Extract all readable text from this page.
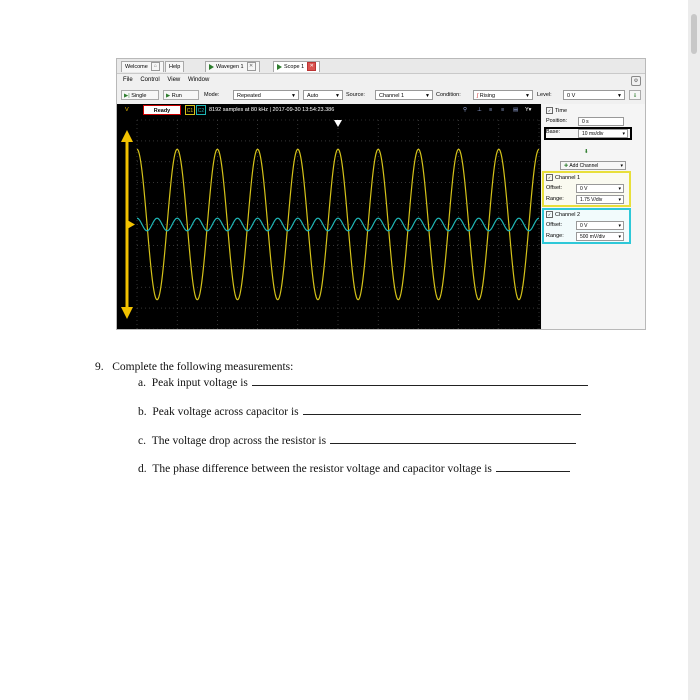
Welcome ⌂	Help	Wavegen 1 ✕	Scope 1 ✕
File Control View Window	⚙
▶| Single	▶ Run	Mode:	Repeated	▼	Auto	▼ Source:	Channel 1	▼ Condition:	ʃ Rising	▼ Level:	0 V	▼	⇓
V	Ready	C1 C2 8192 samples at 80 kHz | 2017-09-30 13:54:23.386	⚲ ⊥ ≡ ≡ ▤ Y▾	✓ Time
Position:	0 s
Base:	10 ms/div	▾
⬇
✚ Add Channel	▾
✓ Channel 1
Offset:	0 V	▾
Range:	1.75 V/div	▾
✓ Channel 2
Offset:	0 V	▾
Range:	500 mV/div	▾
9. Complete the following measurements:
a. Peak input voltage is
b. Peak voltage across capacitor is
c. The voltage drop across the resistor is
d. The phase difference between the resistor voltage and capacitor voltage is
